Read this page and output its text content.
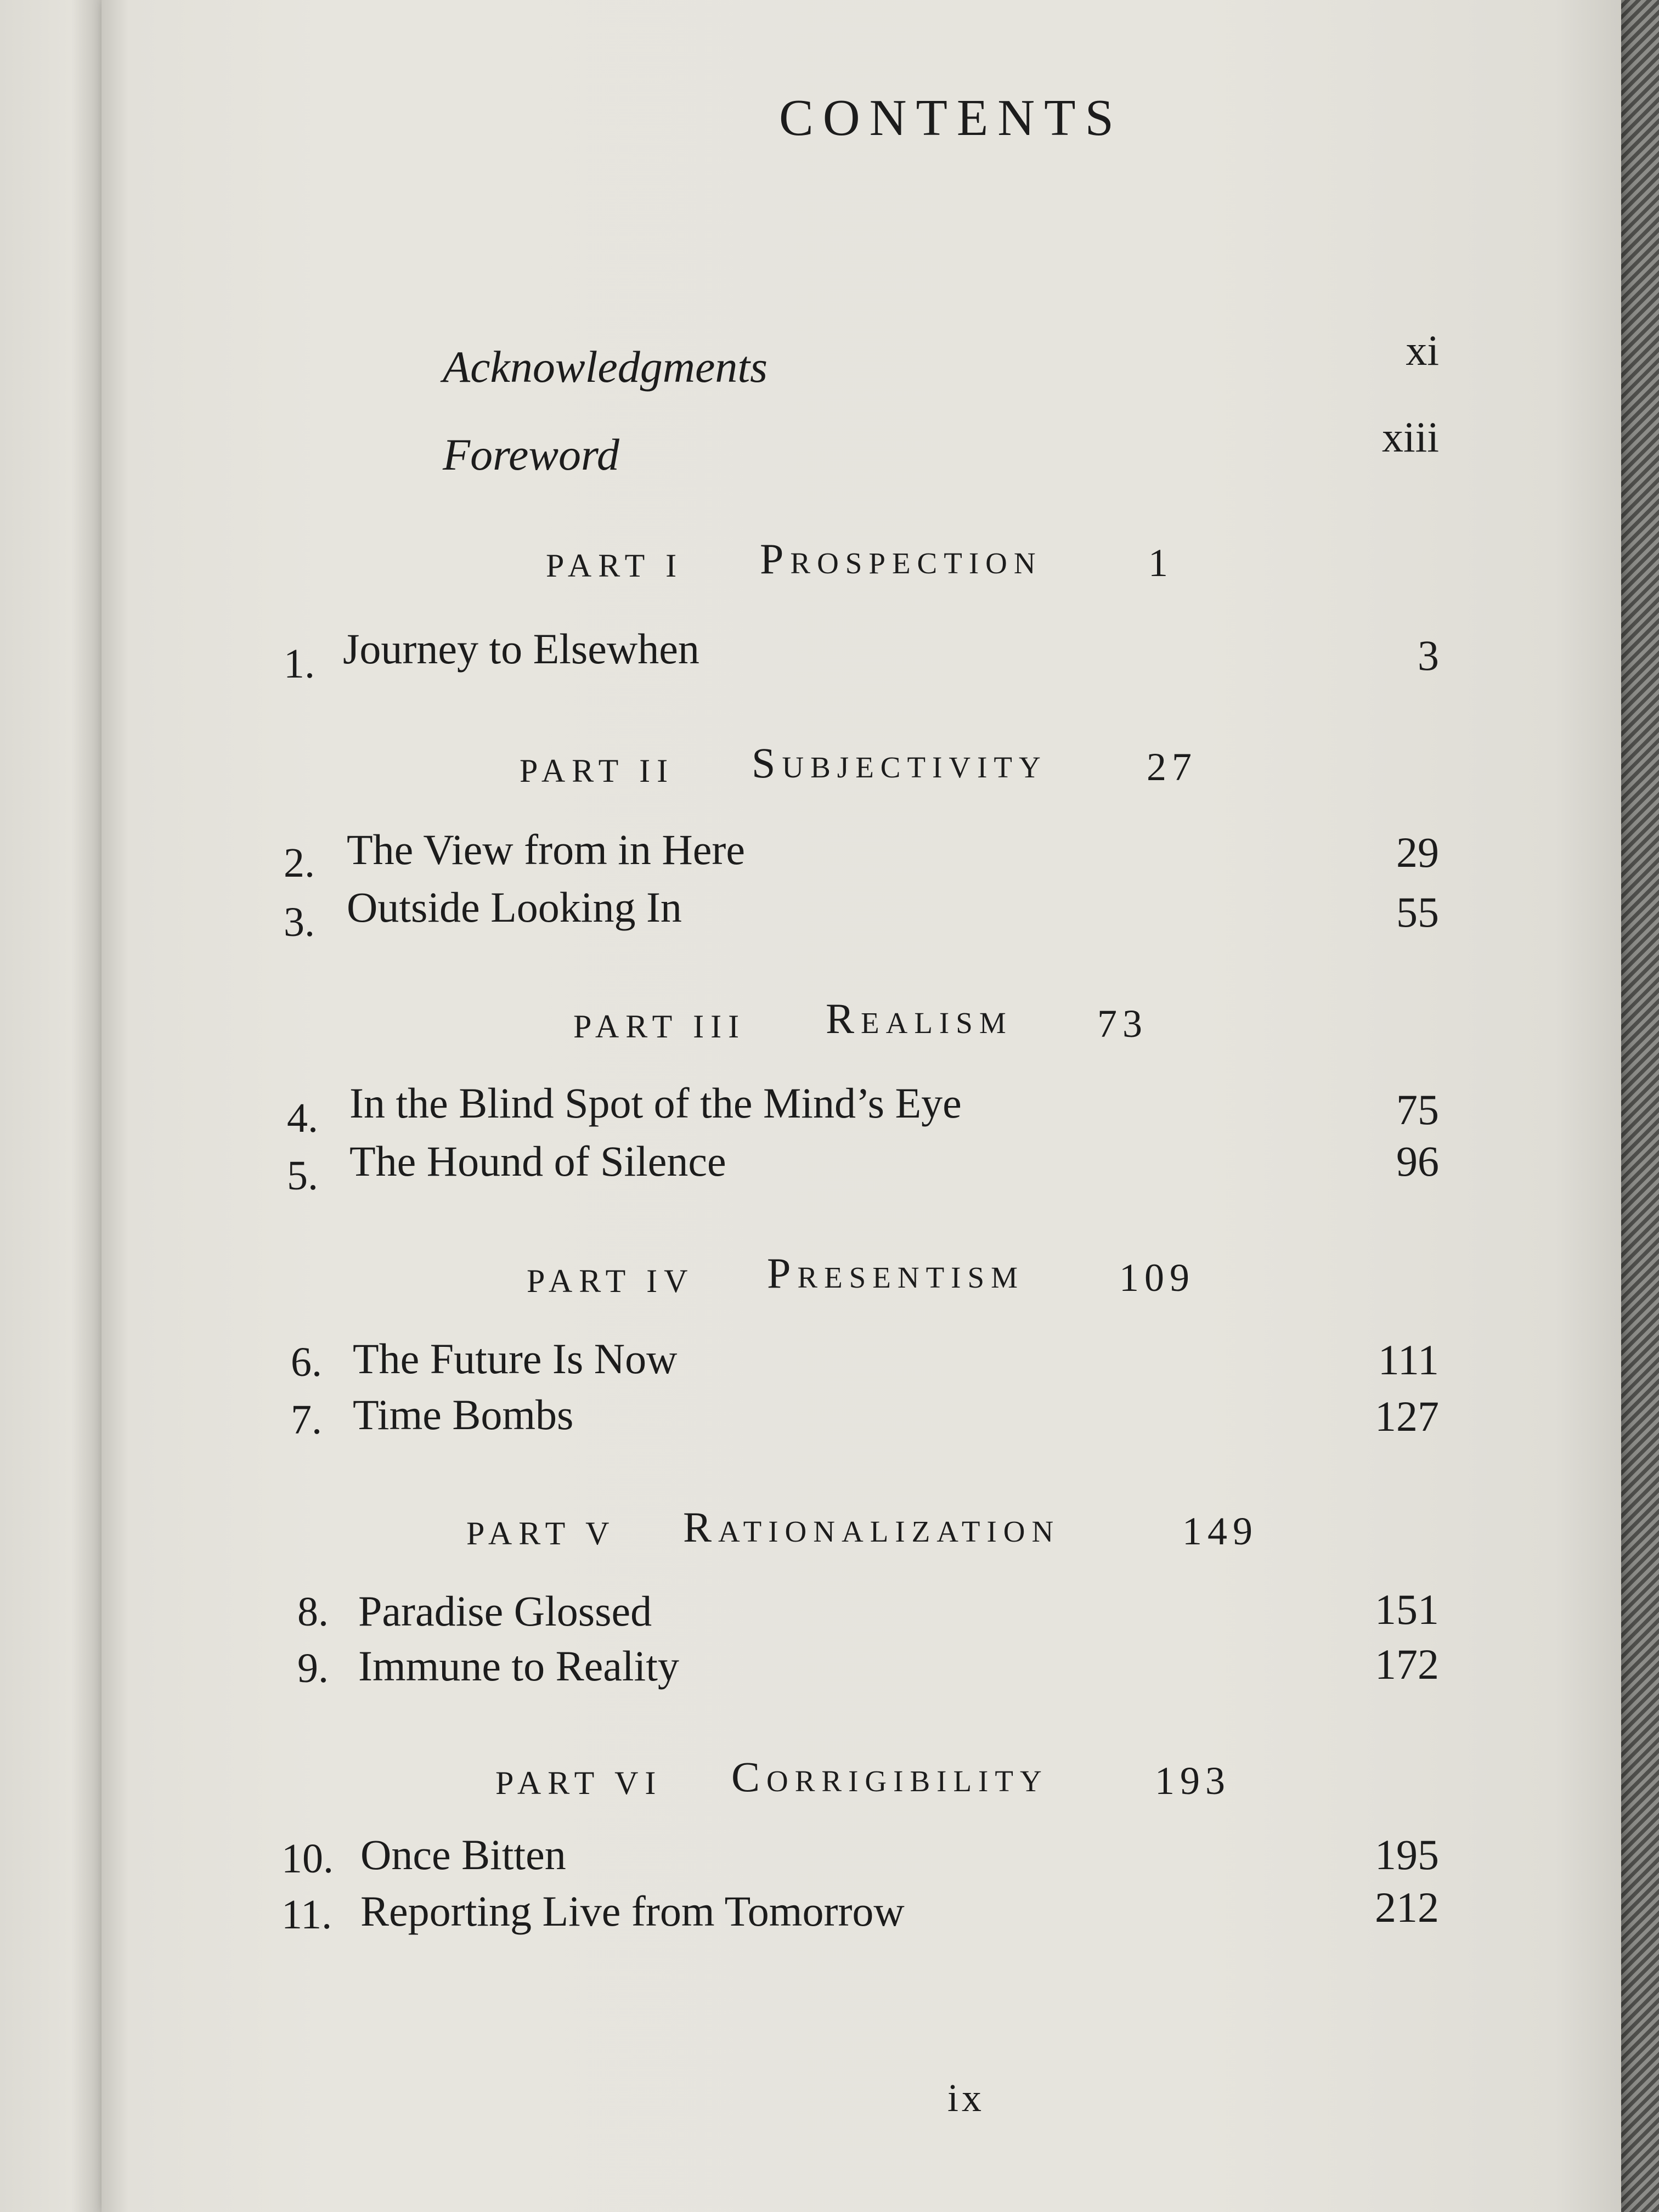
CONTENTS
Acknowledgments	xi
Foreword	xiii
PART I Prospection	1
1. Journey to Elsewhen	3
PART II Subjectivity	27
2. The View from in Here	29
3. Outside Looking In	55
PART III Realism 73
4. In the Blind Spot of the Mind’s Eye	75
5. The Hound of Silence	96
PART IV Presentism 109
6. The Future Is Now	111
7. Time Bombs	127
PART V Rationalization	149
8. Paradise Glossed	151
9. Immune to Reality	172
PART VI Corrigibility	193
10. Once Bitten	195
11. Reporting Live from Tomorrow	212
ix
